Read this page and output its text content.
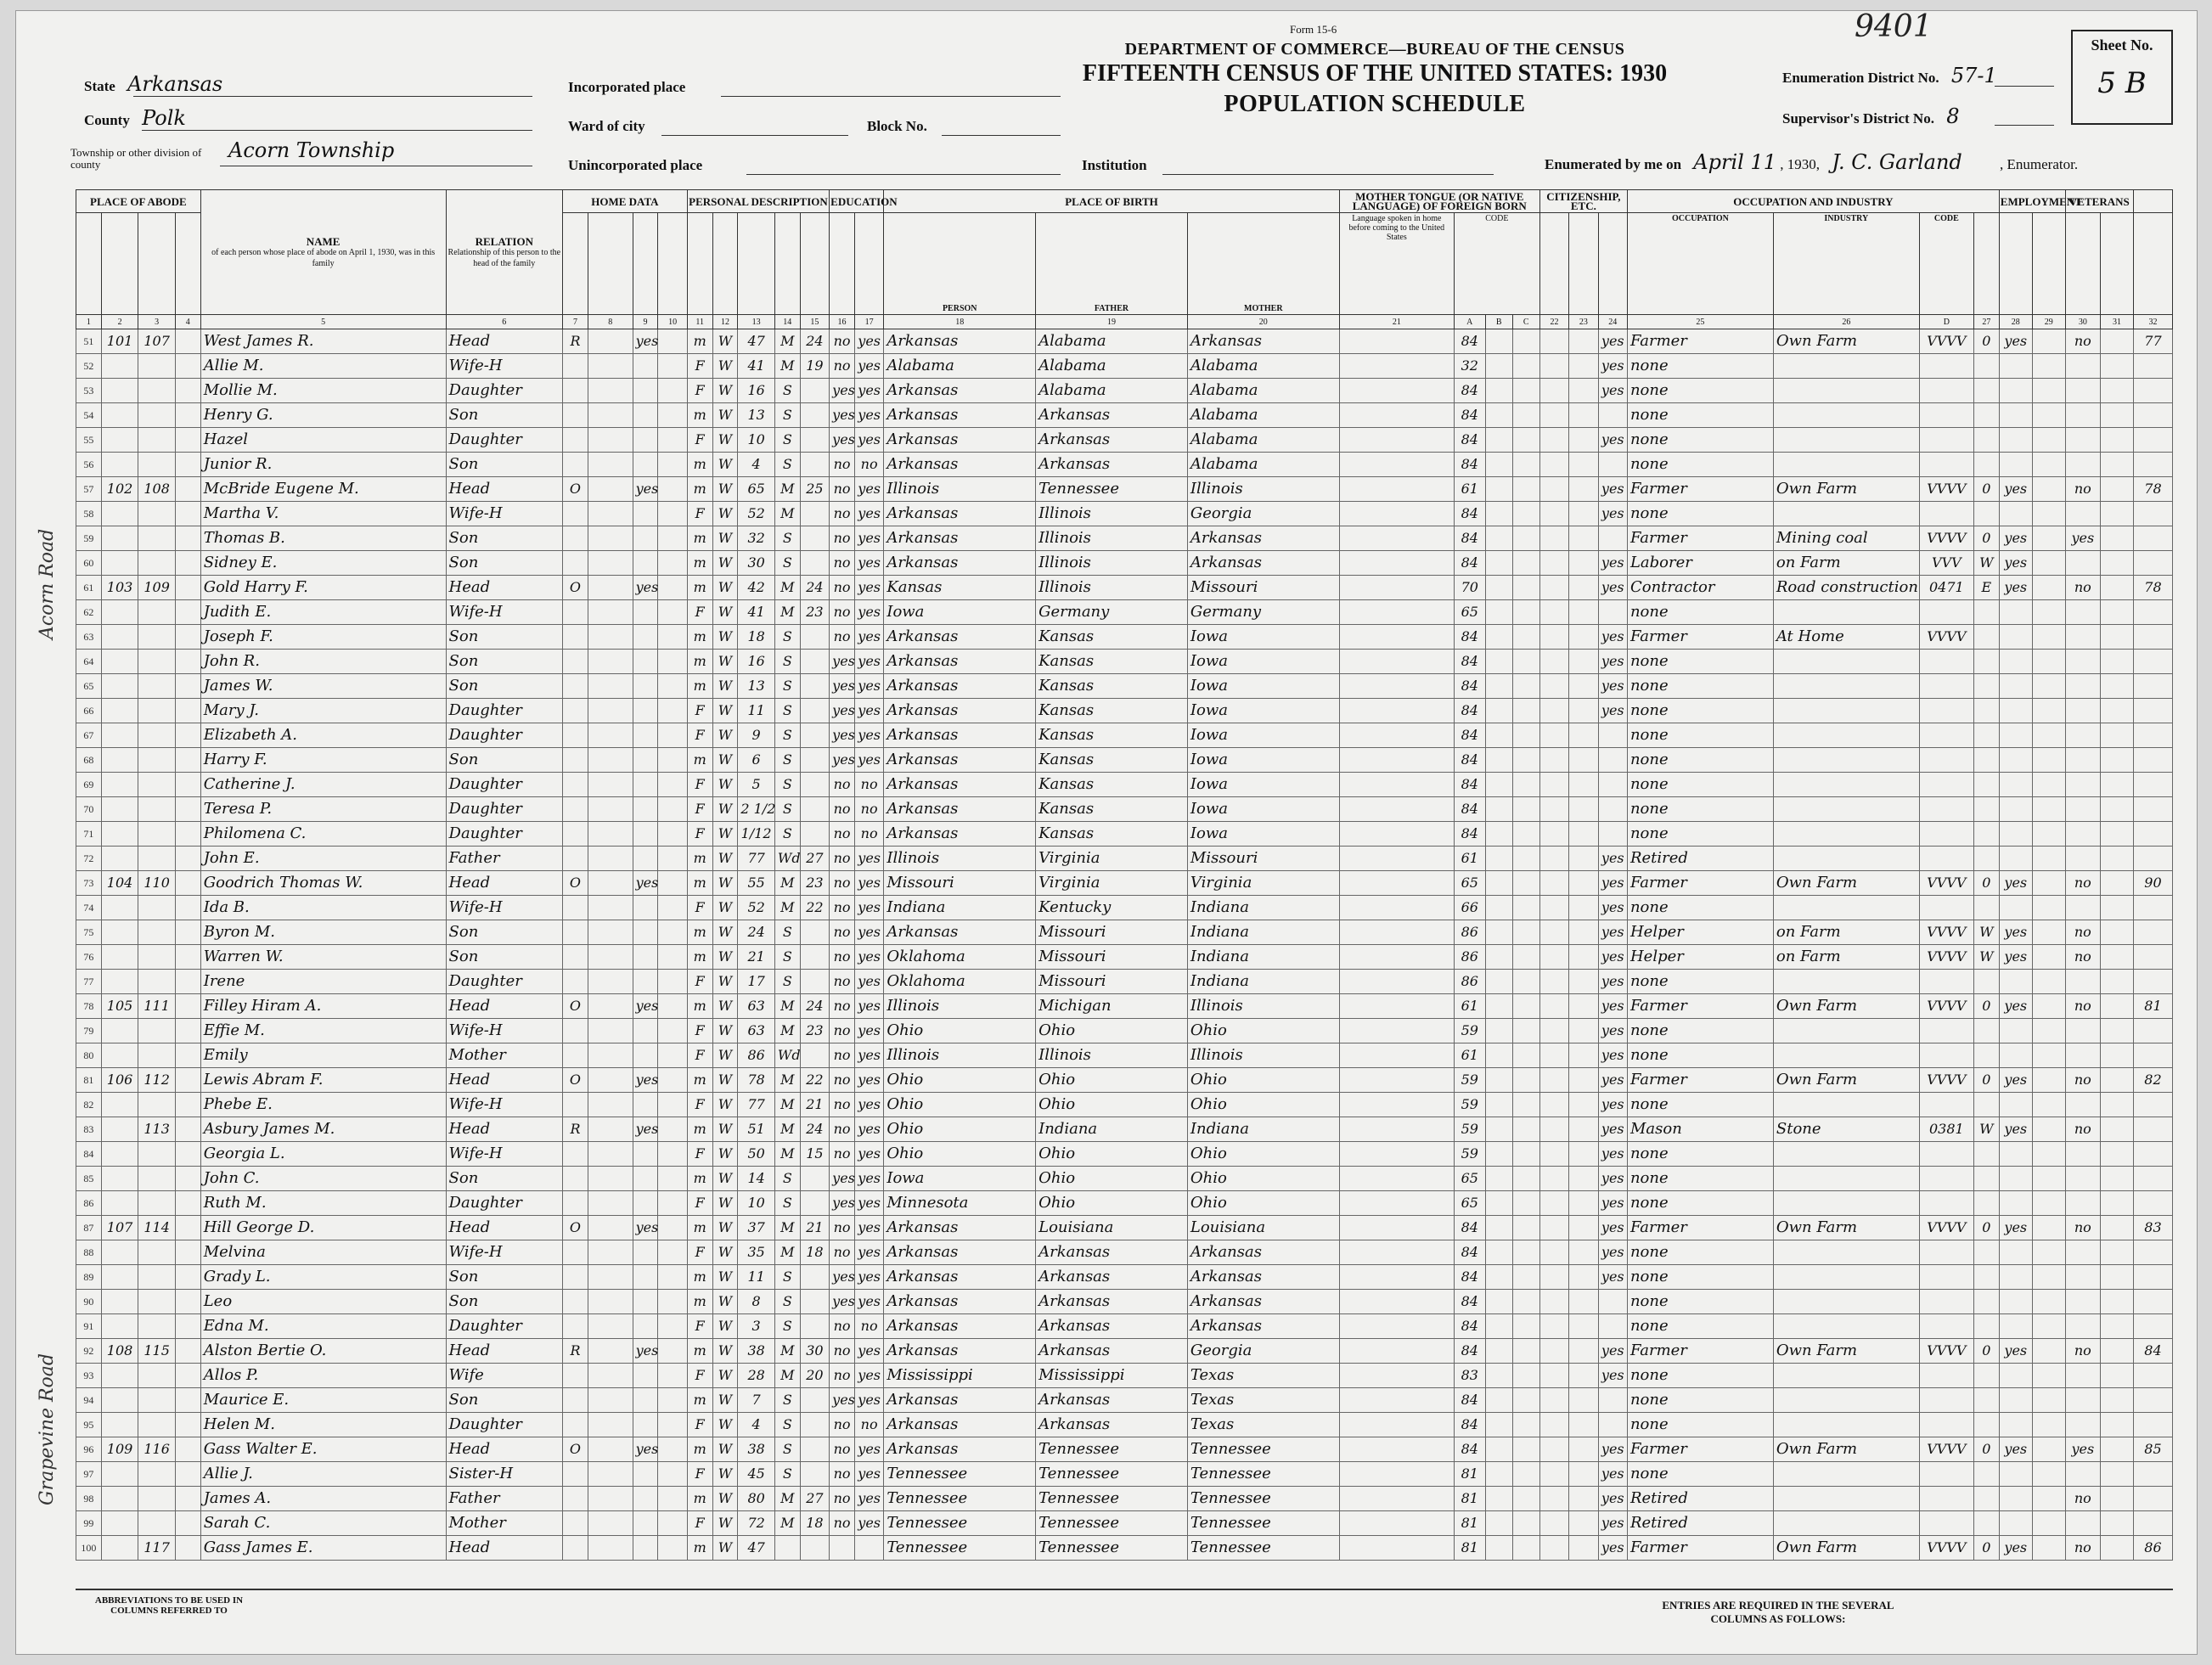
9401
Form 15-6
DEPARTMENT OF COMMERCE—BUREAU OF THE CENSUS
FIFTEENTH CENSUS OF THE UNITED STATES: 1930
POPULATION SCHEDULE
State Arkansas
County Polk
Township or other division of county
Acorn Township
Incorporated place
Ward of city	Block No.
Unincorporated place	Institution
Enumeration District No. 57-1
Supervisor's District No. 8
Enumerated by me on April 11 , 1930, J. C. Garland	, Enumerator.
Sheet No.
5 B
Acorn Road
Grapevine Road
PLACE OF ABODE				NAME
of each person whose place of abode on April 1, 1930, was in this family	RELATION
Relationship of this person to the head of the family	HOME DATA				PERSONAL DESCRIPTION					EDUCATION		PLACE OF BIRTH			MOTHER TONGUE (OR NATIVE LANGUAGE) OF FOREIGN BORN				CITIZENSHIP, ETC.			OCCUPATION AND INDUSTRY				EMPLOYMENT		VETERANS		
																	PERSON	FATHER	MOTHER	Language spoken in home before coming to the United States	CODE						OCCUPATION	INDUSTRY	CODE						
1	2	3	4	5	6	7	8	9	10	11	12	13	14	15	16	17	18	19	20	21	A	B	C	22	23	24	25	26	D	27	28	29	30	31	32
51	101	107		West James R.	Head	R		yes		m	W	47	M	24	no	yes	Arkansas	Alabama	Arkansas		84					yes	Farmer	Own Farm	VVVV	0	yes		no		77
52				Allie M.	Wife-H					F	W	41	M	19	no	yes	Alabama	Alabama	Alabama		32					yes	none								
53				Mollie M.	Daughter					F	W	16	S		yes	yes	Arkansas	Alabama	Alabama		84					yes	none								
54				Henry G.	Son					m	W	13	S		yes	yes	Arkansas	Arkansas	Alabama		84						none								
55				Hazel	Daughter					F	W	10	S		yes	yes	Arkansas	Arkansas	Alabama		84					yes	none								
56				Junior R.	Son					m	W	4	S		no	no	Arkansas	Arkansas	Alabama		84						none								
57	102	108		McBride Eugene M.	Head	O		yes		m	W	65	M	25	no	yes	Illinois	Tennessee	Illinois		61					yes	Farmer	Own Farm	VVVV	0	yes		no		78
58				Martha V.	Wife-H					F	W	52	M		no	yes	Arkansas	Illinois	Georgia		84					yes	none								
59				Thomas B.	Son					m	W	32	S		no	yes	Arkansas	Illinois	Arkansas		84						Farmer	Mining coal	VVVV	0	yes		yes		
60				Sidney E.	Son					m	W	30	S		no	yes	Arkansas	Illinois	Arkansas		84					yes	Laborer	on Farm	VVV	W	yes				
61	103	109		Gold Harry F.	Head	O		yes		m	W	42	M	24	no	yes	Kansas	Illinois	Missouri		70					yes	Contractor	Road construction	0471	E	yes		no		78
62				Judith E.	Wife-H					F	W	41	M	23	no	yes	Iowa	Germany	Germany		65						none								
63				Joseph F.	Son					m	W	18	S		no	yes	Arkansas	Kansas	Iowa		84					yes	Farmer	At Home	VVVV						
64				John R.	Son					m	W	16	S		yes	yes	Arkansas	Kansas	Iowa		84					yes	none								
65				James W.	Son					m	W	13	S		yes	yes	Arkansas	Kansas	Iowa		84					yes	none								
66				Mary J.	Daughter					F	W	11	S		yes	yes	Arkansas	Kansas	Iowa		84					yes	none								
67				Elizabeth A.	Daughter					F	W	9	S		yes	yes	Arkansas	Kansas	Iowa		84						none								
68				Harry F.	Son					m	W	6	S		yes	yes	Arkansas	Kansas	Iowa		84						none								
69				Catherine J.	Daughter					F	W	5	S		no	no	Arkansas	Kansas	Iowa		84						none								
70				Teresa P.	Daughter					F	W	2 1/2	S		no	no	Arkansas	Kansas	Iowa		84						none								
71				Philomena C.	Daughter					F	W	1/12	S		no	no	Arkansas	Kansas	Iowa		84						none								
72				John E.	Father					m	W	77	Wd	27	no	yes	Illinois	Virginia	Missouri		61					yes	Retired								
73	104	110		Goodrich Thomas W.	Head	O		yes		m	W	55	M	23	no	yes	Missouri	Virginia	Virginia		65					yes	Farmer	Own Farm	VVVV	0	yes		no		90
74				Ida B.	Wife-H					F	W	52	M	22	no	yes	Indiana	Kentucky	Indiana		66					yes	none								
75				Byron M.	Son					m	W	24	S		no	yes	Arkansas	Missouri	Indiana		86					yes	Helper	on Farm	VVVV	W	yes		no		
76				Warren W.	Son					m	W	21	S		no	yes	Oklahoma	Missouri	Indiana		86					yes	Helper	on Farm	VVVV	W	yes		no		
77				Irene	Daughter					F	W	17	S		no	yes	Oklahoma	Missouri	Indiana		86					yes	none								
78	105	111		Filley Hiram A.	Head	O		yes		m	W	63	M	24	no	yes	Illinois	Michigan	Illinois		61					yes	Farmer	Own Farm	VVVV	0	yes		no		81
79				Effie M.	Wife-H					F	W	63	M	23	no	yes	Ohio	Ohio	Ohio		59					yes	none								
80				Emily	Mother					F	W	86	Wd		no	yes	Illinois	Illinois	Illinois		61					yes	none								
81	106	112		Lewis Abram F.	Head	O		yes		m	W	78	M	22	no	yes	Ohio	Ohio	Ohio		59					yes	Farmer	Own Farm	VVVV	0	yes		no		82
82				Phebe E.	Wife-H					F	W	77	M	21	no	yes	Ohio	Ohio	Ohio		59					yes	none								
83		113		Asbury James M.	Head	R		yes		m	W	51	M	24	no	yes	Ohio	Indiana	Indiana		59					yes	Mason	Stone	0381	W	yes		no		
84				Georgia L.	Wife-H					F	W	50	M	15	no	yes	Ohio	Ohio	Ohio		59					yes	none								
85				John C.	Son					m	W	14	S		yes	yes	Iowa	Ohio	Ohio		65					yes	none								
86				Ruth M.	Daughter					F	W	10	S		yes	yes	Minnesota	Ohio	Ohio		65					yes	none								
87	107	114		Hill George D.	Head	O		yes		m	W	37	M	21	no	yes	Arkansas	Louisiana	Louisiana		84					yes	Farmer	Own Farm	VVVV	0	yes		no		83
88				Melvina	Wife-H					F	W	35	M	18	no	yes	Arkansas	Arkansas	Arkansas		84					yes	none								
89				Grady L.	Son					m	W	11	S		yes	yes	Arkansas	Arkansas	Arkansas		84					yes	none								
90				Leo	Son					m	W	8	S		yes	yes	Arkansas	Arkansas	Arkansas		84						none								
91				Edna M.	Daughter					F	W	3	S		no	no	Arkansas	Arkansas	Arkansas		84						none								
92	108	115		Alston Bertie O.	Head	R		yes		m	W	38	M	30	no	yes	Arkansas	Arkansas	Georgia		84					yes	Farmer	Own Farm	VVVV	0	yes		no		84
93				Allos P.	Wife					F	W	28	M	20	no	yes	Mississippi	Mississippi	Texas		83					yes	none								
94				Maurice E.	Son					m	W	7	S		yes	yes	Arkansas	Arkansas	Texas		84						none								
95				Helen M.	Daughter					F	W	4	S		no	no	Arkansas	Arkansas	Texas		84						none								
96	109	116		Gass Walter E.	Head	O		yes		m	W	38	S		no	yes	Arkansas	Tennessee	Tennessee		84					yes	Farmer	Own Farm	VVVV	0	yes		yes		85
97				Allie J.	Sister-H					F	W	45	S		no	yes	Tennessee	Tennessee	Tennessee		81					yes	none								
98				James A.	Father					m	W	80	M	27	no	yes	Tennessee	Tennessee	Tennessee		81					yes	Retired						no		
99				Sarah C.	Mother					F	W	72	M	18	no	yes	Tennessee	Tennessee	Tennessee		81					yes	Retired								
100		117		Gass James E.	Head					m	W	47					Tennessee	Tennessee	Tennessee		81					yes	Farmer	Own Farm	VVVV	0	yes		no		86
ABBREVIATIONS TO BE USED IN COLUMNS REFERRED TO	ENTRIES ARE REQUIRED IN THE SEVERAL COLUMNS AS FOLLOWS:
